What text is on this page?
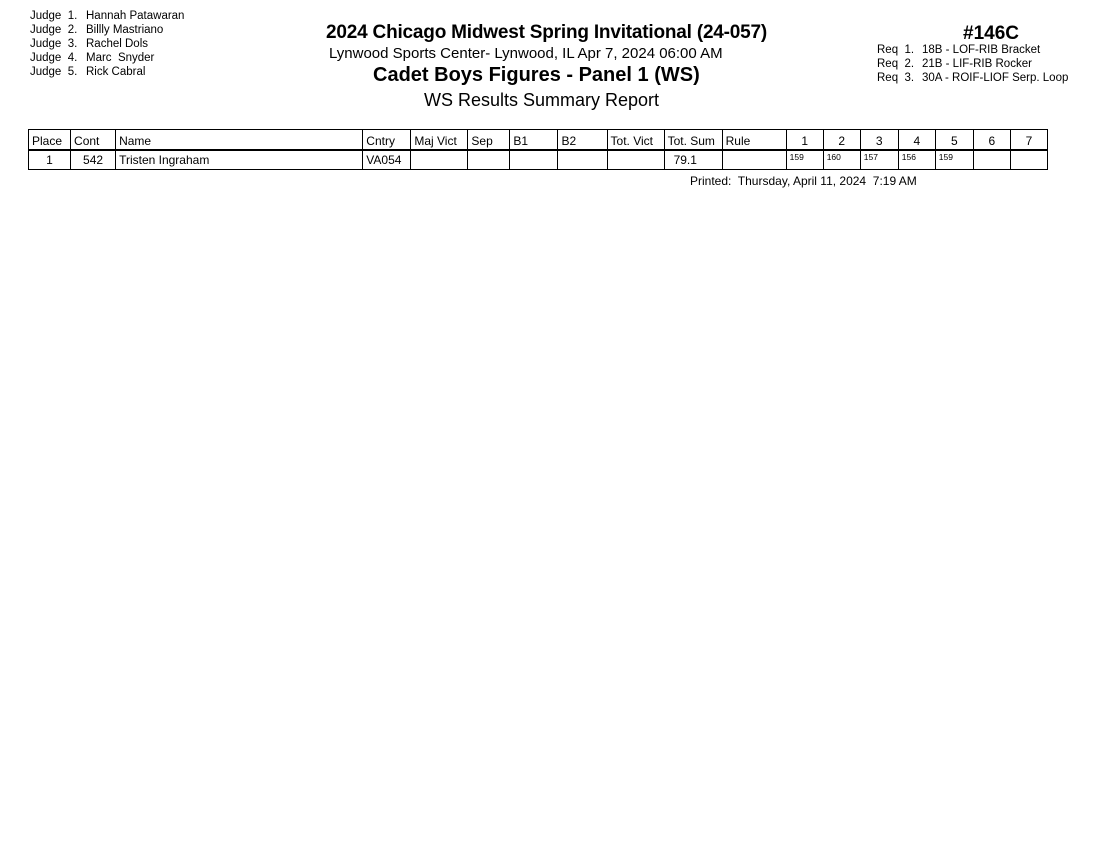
Judge  1. Hannah Patawaran
Judge  2. Billly Mastriano
Judge  3. Rachel Dols
Judge  4. Marc  Snyder
Judge  5. Rick Cabral
2024 Chicago Midwest Spring Invitational (24-057)
Lynwood Sports Center- Lynwood, IL Apr 7, 2024 06:00 AM
Cadet Boys Figures - Panel 1 (WS)
WS Results Summary Report
#146C
Req  1. 18B - LOF-RIB Bracket
Req  2. 21B - LIF-RIB Rocker
Req  3. 30A - ROIF-LIOF Serp. Loop
Place	Cont	Name	Cntry	Maj Vict	Sep	B1	B2	Tot. Vict	Tot. Sum	Rule	1	2	3	4	5	6	7
1	542	Tristen Ingraham	VA054						79.1		159	160	157	156	159		
Printed:  Thursday, April 11, 2024  7:19 AM
